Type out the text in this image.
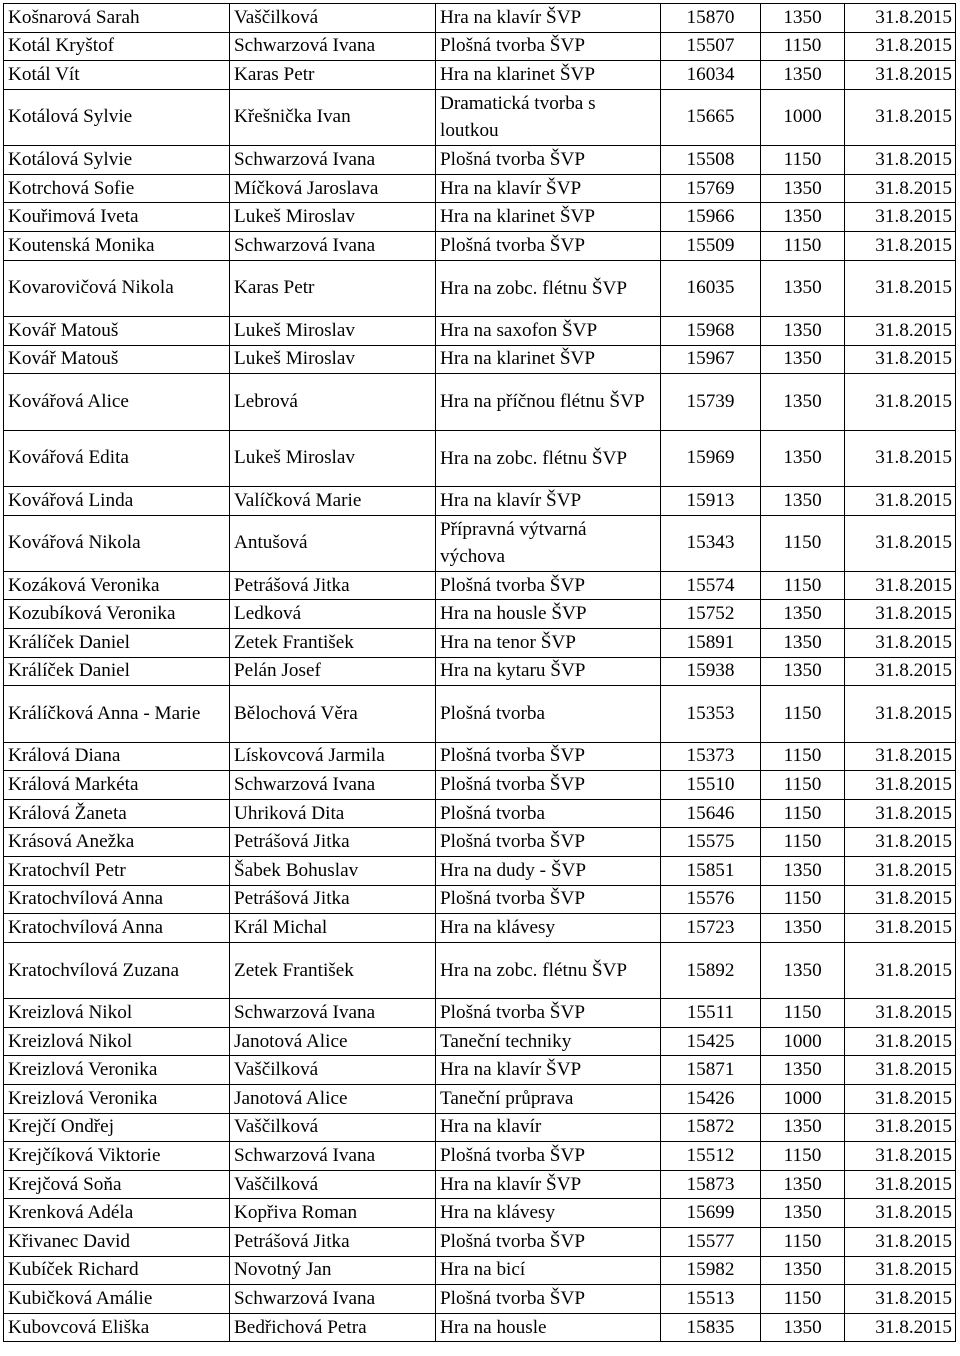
Košnarová Sarah	Vaščilková	Hra na klavír ŠVP	15870	1350	31.8.2015
Kotál Kryštof	Schwarzová Ivana	Plošná tvorba ŠVP	15507	1150	31.8.2015
Kotál Vít	Karas Petr	Hra na klarinet ŠVP	16034	1350	31.8.2015
Kotálová Sylvie	Křešnička Ivan	Dramatická tvorba s loutkou	15665	1000	31.8.2015
Kotálová Sylvie	Schwarzová Ivana	Plošná tvorba ŠVP	15508	1150	31.8.2015
Kotrchová Sofie	Míčková Jaroslava	Hra na klavír ŠVP	15769	1350	31.8.2015
Kouřimová Iveta	Lukeš Miroslav	Hra na klarinet ŠVP	15966	1350	31.8.2015
Koutenská Monika	Schwarzová Ivana	Plošná tvorba ŠVP	15509	1150	31.8.2015
Kovarovičová Nikola	Karas Petr	Hra na zobc. flétnu ŠVP	16035	1350	31.8.2015
Kovář Matouš	Lukeš Miroslav	Hra na saxofon ŠVP	15968	1350	31.8.2015
Kovář Matouš	Lukeš Miroslav	Hra na klarinet ŠVP	15967	1350	31.8.2015
Kovářová Alice	Lebrová	Hra na příčnou flétnu ŠVP	15739	1350	31.8.2015
Kovářová Edita	Lukeš Miroslav	Hra na zobc. flétnu ŠVP	15969	1350	31.8.2015
Kovářová Linda	Valíčková Marie	Hra na klavír ŠVP	15913	1350	31.8.2015
Kovářová Nikola	Antušová	Přípravná výtvarná výchova	15343	1150	31.8.2015
Kozáková Veronika	Petrášová Jitka	Plošná tvorba ŠVP	15574	1150	31.8.2015
Kozubíková Veronika	Ledková	Hra na housle ŠVP	15752	1350	31.8.2015
Králíček Daniel	Zetek František	Hra na tenor ŠVP	15891	1350	31.8.2015
Králíček Daniel	Pelán Josef	Hra na kytaru ŠVP	15938	1350	31.8.2015
Králíčková Anna - Marie	Bělochová Věra	Plošná tvorba	15353	1150	31.8.2015
Králová Diana	Lískovcová Jarmila	Plošná tvorba ŠVP	15373	1150	31.8.2015
Králová Markéta	Schwarzová Ivana	Plošná tvorba ŠVP	15510	1150	31.8.2015
Králová Žaneta	Uhriková Dita	Plošná tvorba	15646	1150	31.8.2015
Krásová Anežka	Petrášová Jitka	Plošná tvorba ŠVP	15575	1150	31.8.2015
Kratochvíl Petr	Šabek Bohuslav	Hra na dudy - ŠVP	15851	1350	31.8.2015
Kratochvílová Anna	Petrášová Jitka	Plošná tvorba ŠVP	15576	1150	31.8.2015
Kratochvílová Anna	Král Michal	Hra na klávesy	15723	1350	31.8.2015
Kratochvílová Zuzana	Zetek František	Hra na zobc. flétnu ŠVP	15892	1350	31.8.2015
Kreizlová Nikol	Schwarzová Ivana	Plošná tvorba ŠVP	15511	1150	31.8.2015
Kreizlová Nikol	Janotová Alice	Taneční techniky	15425	1000	31.8.2015
Kreizlová Veronika	Vaščilková	Hra na klavír ŠVP	15871	1350	31.8.2015
Kreizlová Veronika	Janotová Alice	Taneční průprava	15426	1000	31.8.2015
Krejčí Ondřej	Vaščilková	Hra na klavír	15872	1350	31.8.2015
Krejčíková Viktorie	Schwarzová Ivana	Plošná tvorba ŠVP	15512	1150	31.8.2015
Krejčová Soňa	Vaščilková	Hra na klavír ŠVP	15873	1350	31.8.2015
Krenková Adéla	Kopřiva Roman	Hra na klávesy	15699	1350	31.8.2015
Křivanec David	Petrášová Jitka	Plošná tvorba ŠVP	15577	1150	31.8.2015
Kubíček Richard	Novotný Jan	Hra na bicí	15982	1350	31.8.2015
Kubičková Amálie	Schwarzová Ivana	Plošná tvorba ŠVP	15513	1150	31.8.2015
Kubovcová Eliška	Bedřichová Petra	Hra na housle	15835	1350	31.8.2015
